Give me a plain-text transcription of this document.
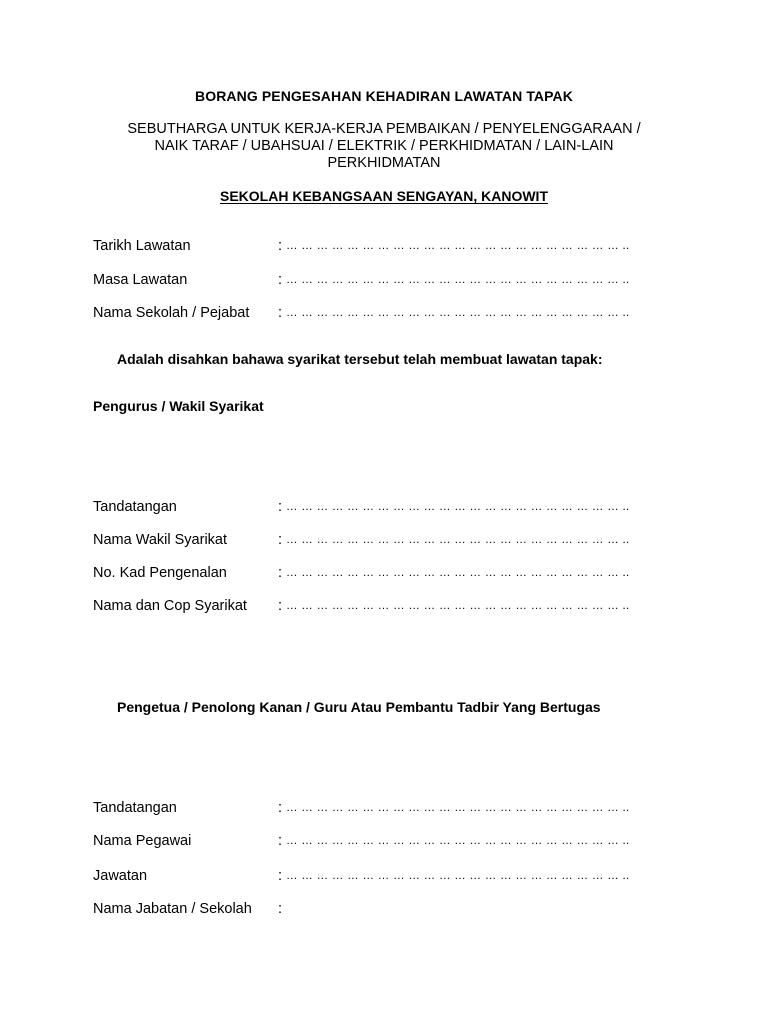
BORANG PENGESAHAN KEHADIRAN LAWATAN TAPAK
SEBUTHARGA UNTUK KERJA-KERJA PEMBAIKAN / PENYELENGGARAAN /
NAIK TARAF / UBAHSUAI / ELEKTRIK / PERKHIDMATAN / LAIN-LAIN
PERKHIDMATAN
SEKOLAH KEBANGSAAN SENGAYAN, KANOWIT
Tarikh Lawatan	: … … … … … … … … … … … … … … … … … … … … … … ..
Masa Lawatan	: … … … … … … … … … … … … … … … … … … … … … … ..
Nama Sekolah / Pejabat : … … … … … … … … … … … … … … … … … … … … … … ..
Adalah disahkan bahawa syarikat tersebut telah membuat lawatan tapak:
Pengurus / Wakil Syarikat
Tandatangan	: … … … … … … … … … … … … … … … … … … … … … … ..
Nama Wakil Syarikat	: … … … … … … … … … … … … … … … … … … … … … … ..
No. Kad Pengenalan	: … … … … … … … … … … … … … … … … … … … … … … ..
Nama dan Cop Syarikat : … … … … … … … … … … … … … … … … … … … … … … ..
Pengetua / Penolong Kanan / Guru Atau Pembantu Tadbir Yang Bertugas
Tandatangan	: … … … … … … … … … … … … … … … … … … … … … … ..
Nama Pegawai	: … … … … … … … … … … … … … … … … … … … … … … ..
Jawatan	: … … … … … … … … … … … … … … … … … … … … … … ..
Nama Jabatan / Sekolah :
